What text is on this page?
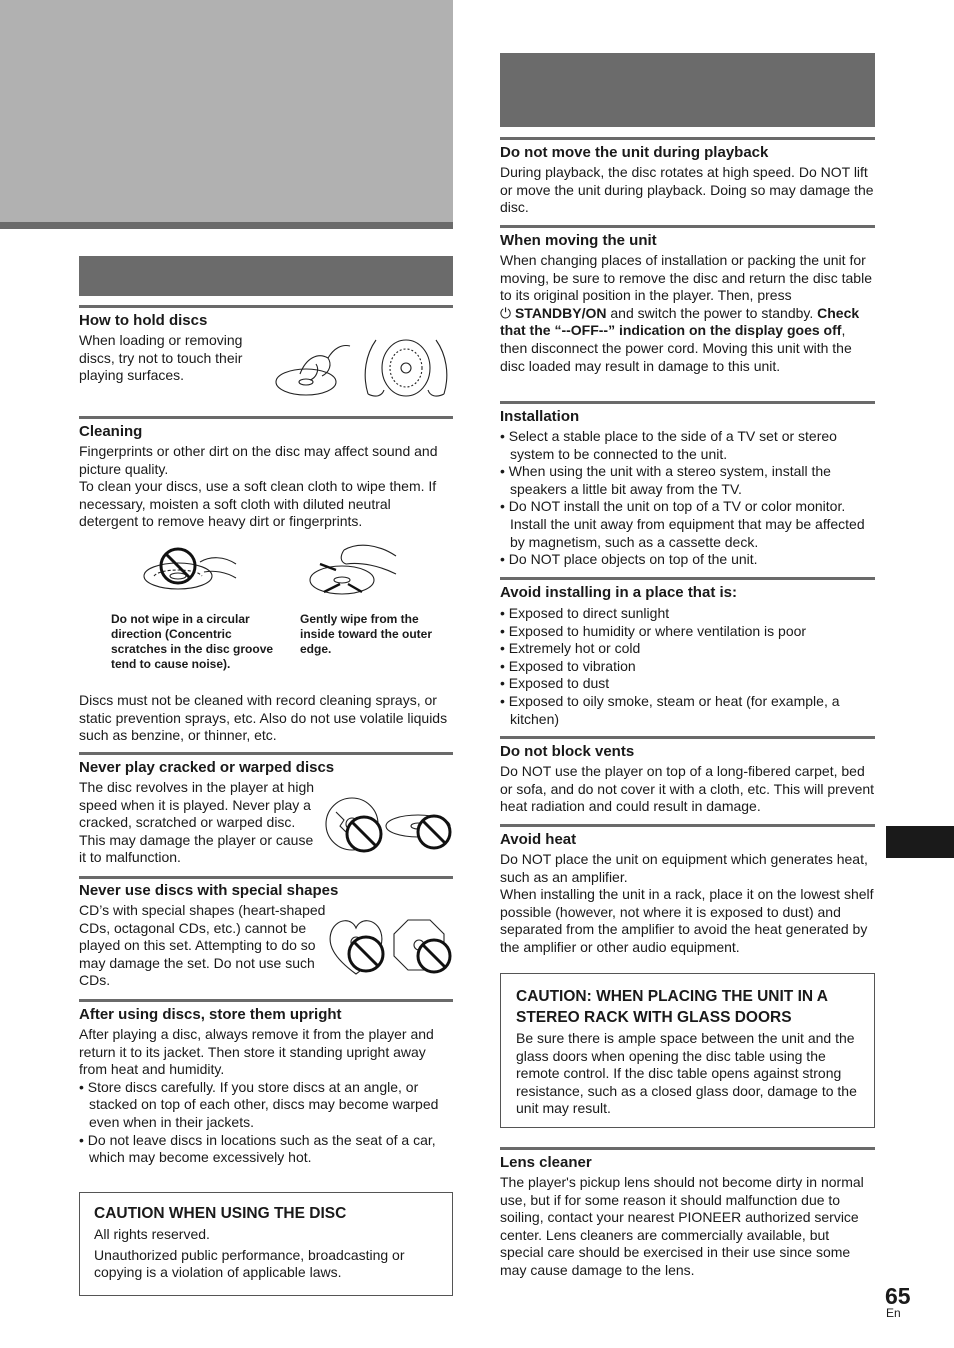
How to hold discs

When loading or removing discs, try not to touch their playing surfaces.

Cleaning

Fingerprints or other dirt on the disc may affect sound and picture quality.

To clean your discs, use a soft clean cloth to wipe them. If necessary, moisten a soft cloth with diluted neutral detergent to remove heavy dirt or fingerprints.

Do not wipe in a circular direction (Concentric scratches in the disc groove tend to cause noise).

Gently wipe from the inside toward the outer edge.

Discs must not be cleaned with record cleaning sprays, or static prevention sprays, etc. Also do not use volatile liquids such as benzine, or thinner, etc.

Never play cracked or warped discs

The disc revolves in the player at high speed when it is played. Never play a cracked, scratched or warped disc. This may damage the player or cause it to malfunction.

Never use discs with special shapes

CD’s with special shapes (heart-shaped CDs, octagonal CDs, etc.) cannot be played on this set. Attempting to do so may damage the set. Do not use such CDs.

After using discs, store them upright

After playing a disc, always remove it from the player and return it to its jacket. Then store it standing upright away from heat and humidity.

• Store discs carefully. If you store discs at an angle, or stacked on top of each other, discs may become warped even when in their jackets.
• Do not leave discs in locations such as the seat of a car, which may become excessively hot.

CAUTION WHEN USING THE DISC

All rights reserved.

Unauthorized public performance, broadcasting or copying is a violation of applicable laws.

Do not move the unit during playback

During playback, the disc rotates at high speed. Do NOT lift or move the unit during playback. Doing so may damage the disc.

When moving the unit

When changing places of installation or packing the unit for moving, be sure to remove the disc and return the disc table to its original position in the player. Then, press ⏻ STANDBY/ON and switch the power to standby. Check that the “--OFF--” indication on the display goes off, then disconnect the power cord. Moving this unit with the disc loaded may result in damage to this unit.

Installation
• Select a stable place to the side of a TV set or stereo system to be connected to the unit.
• When using the unit with a stereo system, install the speakers a little bit away from the TV.
• Do NOT install the unit on top of a TV or color monitor. Install the unit away from equipment that may be affected by magnetism, such as a cassette deck.
• Do NOT place objects on top of the unit.
Avoid installing in a place that is:
• Exposed to direct sunlight
• Exposed to humidity or where ventilation is poor
• Extremely hot or cold
• Exposed to vibration
• Exposed to dust
• Exposed to oily smoke, steam or heat (for example, a kitchen)
Do not block vents

Do NOT use the player on top of a long-fibered carpet, bed or sofa, and do not cover it with a cloth, etc. This will prevent heat radiation and could result in damage.

Avoid heat

Do NOT place the unit on equipment which generates heat, such as an amplifier.

When installing the unit in a rack, place it on the lowest shelf possible (however, not where it is exposed to dust) and separated from the amplifier to avoid the heat generated by the amplifier or other audio equipment.

CAUTION: WHEN PLACING THE UNIT IN A STEREO RACK WITH GLASS DOORS

Be sure there is ample space between the unit and the glass doors when opening the disc table using the remote control. If the disc table opens against strong resistance, such as a closed glass door, damage to the unit may result.

Lens cleaner

The player's pickup lens should not become dirty in normal use, but if for some reason it should malfunction due to soiling, contact your nearest PIONEER authorized service center. Lens cleaners are commercially available, but special care should be exercised in their use since some may cause damage to the lens.

65
En
